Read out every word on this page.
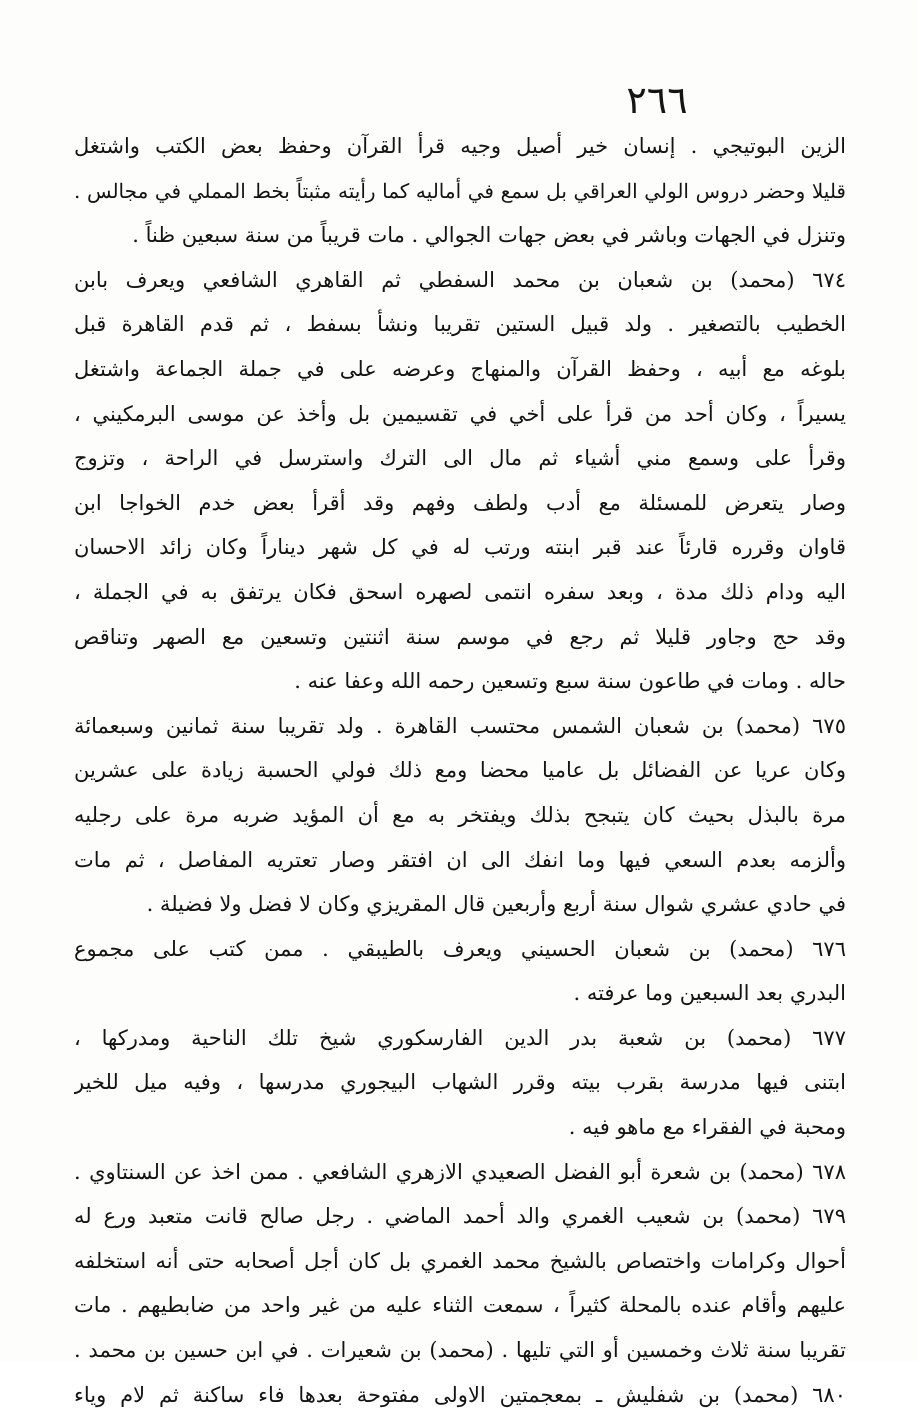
٢٦٦
الزين البوتيجي . إنسان خير أصيل وجيه قرأ القرآن وحفظ بعض الكتب واشتغل
قليلا وحضر دروس الولي العراقي بل سمع في أماليه كما رأيته مثبتاً بخط المملي في مجالس .
وتنزل في الجهات وباشر في بعض جهات الجوالي . مات قريباً من سنة سبعين ظناً .
٦٧٤ (محمد) بن شعبان بن محمد السفطي ثم القاهري الشافعي ويعرف بابن
الخطيب بالتصغير . ولد قبيل الستين تقريبا ونشأ بسفط ، ثم قدم القاهرة قبل
بلوغه مع أبيه ، وحفظ القرآن والمنهاج وعرضه على في جملة الجماعة واشتغل
يسيراً ، وكان أحد من قرأ على أخي في تقسيمين بل وأخذ عن موسى البرمكيني ،
وقرأ على وسمع مني أشياء ثم مال الى الترك واسترسل في الراحة ، وتزوج
وصار يتعرض للمسئلة مع أدب ولطف وفهم وقد أقرأ بعض خدم الخواجا ابن
قاوان وقرره قارئاً عند قبر ابنته ورتب له في كل شهر ديناراً وكان زائد الاحسان
اليه ودام ذلك مدة ، وبعد سفره انتمى لصهره اسحق فكان يرتفق به في الجملة ،
وقد حج وجاور قليلا ثم رجع في موسم سنة اثنتين وتسعين مع الصهر وتناقص
حاله . ومات في طاعون سنة سبع وتسعين رحمه الله وعفا عنه .
٦٧٥ (محمد) بن شعبان الشمس محتسب القاهرة . ولد تقريبا سنة ثمانين وسبعمائة
وكان عريا عن الفضائل بل عاميا محضا ومع ذلك فولي الحسبة زيادة على عشرين
مرة بالبذل بحيث كان يتبجح بذلك ويفتخر به مع أن المؤيد ضربه مرة على رجليه
وألزمه بعدم السعي فيها وما انفك الى ان افتقر وصار تعتريه المفاصل ، ثم مات
في حادي عشري شوال سنة أربع وأربعين قال المقريزي وكان لا فضل ولا فضيلة .
٦٧٦ (محمد) بن شعبان الحسيني ويعرف بالطيبقي . ممن كتب على مجموع
البدري بعد السبعين وما عرفته .
٦٧٧ (محمد) بن شعبة بدر الدين الفارسكوري شيخ تلك الناحية ومدركها ،
ابتنى فيها مدرسة بقرب بيته وقرر الشهاب البيجوري مدرسها ، وفيه ميل للخير
ومحبة في الفقراء مع ماهو فيه .
٦٧٨ (محمد) بن شعرة أبو الفضل الصعيدي الازهري الشافعي . ممن اخذ عن السنتاوي .
٦٧٩ (محمد) بن شعيب الغمري والد أحمد الماضي . رجل صالح قانت متعبد ورع له
أحوال وكرامات واختصاص بالشيخ محمد الغمري بل كان أجل أصحابه حتى أنه استخلفه
عليهم وأقام عنده بالمحلة كثيراً ، سمعت الثناء عليه من غير واحد من ضابطيهم . مات
تقريبا سنة ثلاث وخمسين أو التي تليها . (محمد) بن شعيرات . في ابن حسين بن محمد .
٦٨٠ (محمد) بن شفليش ـ بمعجمتين الاولى مفتوحة بعدها فاء ساكنة ثم لام وياء
